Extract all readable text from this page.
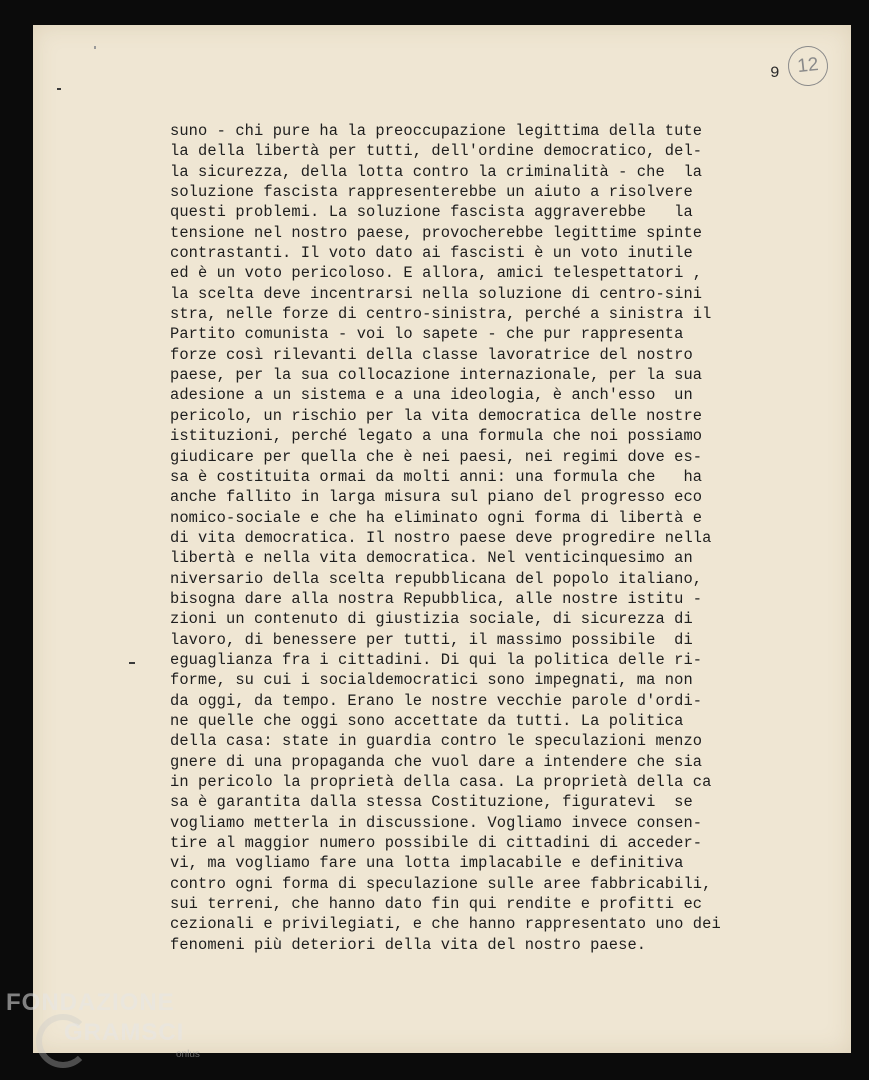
9 12
suno - chi pure ha la preoccupazione legittima della tute
la della libertà per tutti, dell'ordine democratico, del-
la sicurezza, della lotta contro la criminalità - che  la
soluzione fascista rappresenterebbe un aiuto a risolvere
questi problemi. La soluzione fascista aggraverebbe   la
tensione nel nostro paese, provocherebbe legittime spinte
contrastanti. Il voto dato ai fascisti è un voto inutile
ed è un voto pericoloso. E allora, amici telespettatori ,
la scelta deve incentrarsi nella soluzione di centro-sini
stra, nelle forze di centro-sinistra, perché a sinistra il
Partito comunista - voi lo sapete - che pur rappresenta
forze così rilevanti della classe lavoratrice del nostro
paese, per la sua collocazione internazionale, per la sua
adesione a un sistema e a una ideologia, è anch'esso  un
pericolo, un rischio per la vita democratica delle nostre
istituzioni, perché legato a una formula che noi possiamo
giudicare per quella che è nei paesi, nei regimi dove es-
sa è costituita ormai da molti anni: una formula che   ha
anche fallito in larga misura sul piano del progresso eco
nomico-sociale e che ha eliminato ogni forma di libertà e
di vita democratica. Il nostro paese deve progredire nella
libertà e nella vita democratica. Nel venticinquesimo an
niversario della scelta repubblicana del popolo italiano,
bisogna dare alla nostra Repubblica, alle nostre istitu -
zioni un contenuto di giustizia sociale, di sicurezza di
lavoro, di benessere per tutti, il massimo possibile  di
eguaglianza fra i cittadini. Di qui la politica delle ri-
forme, su cui i socialdemocratici sono impegnati, ma non
da oggi, da tempo. Erano le nostre vecchie parole d'ordi-
ne quelle che oggi sono accettate da tutti. La politica
della casa: state in guardia contro le speculazioni menzo
gnere di una propaganda che vuol dare a intendere che sia
in pericolo la proprietà della casa. La proprietà della ca
sa è garantita dalla stessa Costituzione, figuratevi  se
vogliamo metterla in discussione. Vogliamo invece consen-
tire al maggior numero possibile di cittadini di acceder-
vi, ma vogliamo fare una lotta implacabile e definitiva
contro ogni forma di speculazione sulle aree fabbricabili,
sui terreni, che hanno dato fin qui rendite e profitti ec
cezionali e privilegiati, e che hanno rappresentato uno dei
fenomeni più deteriori della vita del nostro paese.
FONDAZIONE
GRAMSCI
onlus
